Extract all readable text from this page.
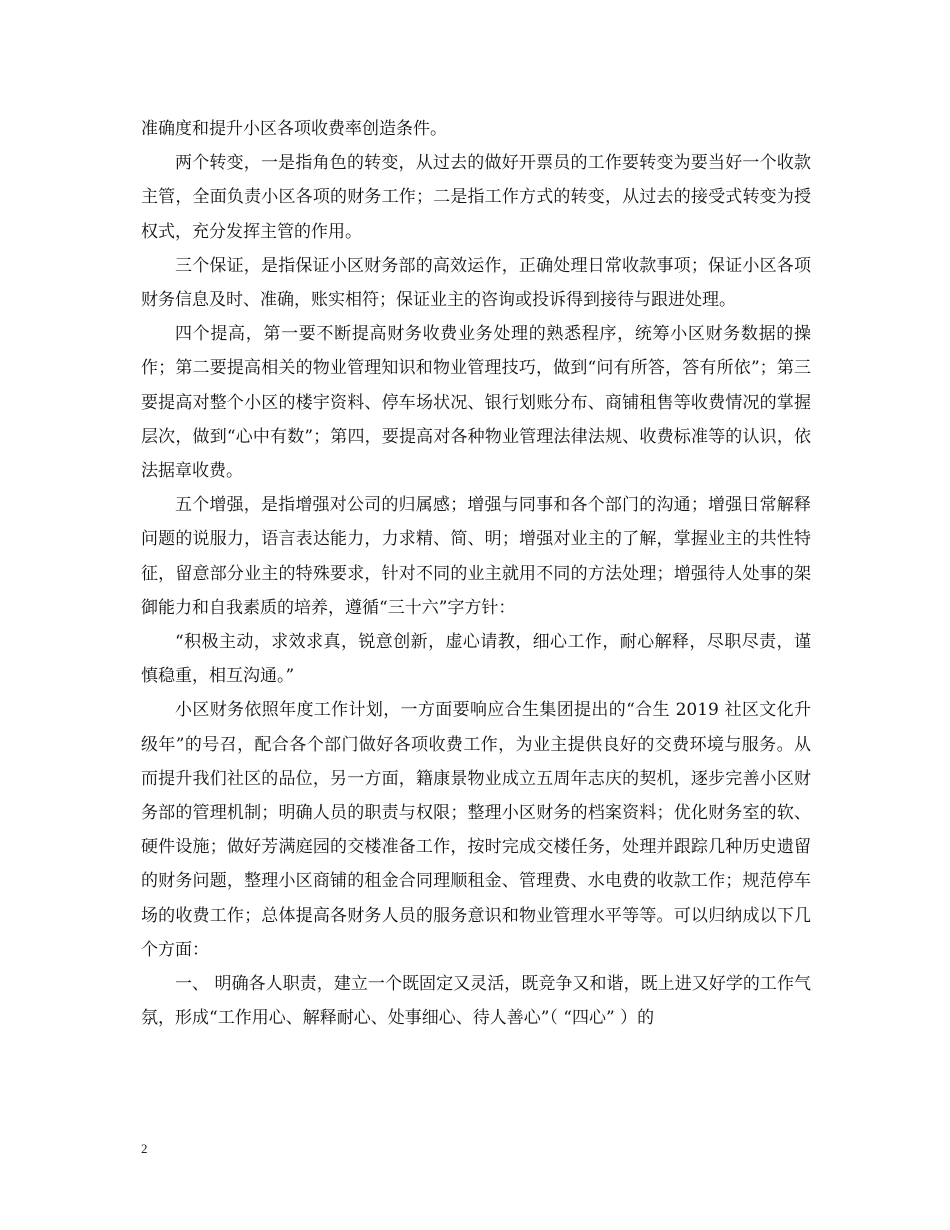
准确度和提升小区各项收费率创造条件。

两个转变，一是指角色的转变，从过去的做好开票员的工作要转变为要当好一个收款主管，全面负责小区各项的财务工作；二是指工作方式的转变，从过去的接受式转变为授权式，充分发挥主管的作用。

三个保证，是指保证小区财务部的高效运作，正确处理日常收款事项；保证小区各项财务信息及时、准确，账实相符；保证业主的咨询或投诉得到接待与跟进处理。

四个提高，第一要不断提高财务收费业务处理的熟悉程序，统筹小区财务数据的操作；第二要提高相关的物业管理知识和物业管理技巧，做到“问有所答，答有所依”；第三要提高对整个小区的楼宇资料、停车场状况、银行划账分布、商铺租售等收费情况的掌握层次，做到“心中有数”；第四，要提高对各种物业管理法律法规、收费标准等的认识，依法据章收费。

五个增强，是指增强对公司的归属感；增强与同事和各个部门的沟通；增强日常解释问题的说服力，语言表达能力，力求精、简、明；增强对业主的了解，掌握业主的共性特征，留意部分业主的特殊要求，针对不同的业主就用不同的方法处理；增强待人处事的架御能力和自我素质的培养，遵循“三十六”字方针：

“积极主动，求效求真，锐意创新，虚心请教，细心工作，耐心解释，尽职尽责，谨慎稳重，相互沟通。”

小区财务依照年度工作计划，一方面要响应合生集团提出的“合生 2019 社区文化升级年”的号召，配合各个部门做好各项收费工作，为业主提供良好的交费环境与服务。从而提升我们社区的品位，另一方面，籍康景物业成立五周年志庆的契机，逐步完善小区财务部的管理机制；明确人员的职责与权限；整理小区财务的档案资料；优化财务室的软、硬件设施；做好芳满庭园的交楼准备工作，按时完成交楼任务，处理并跟踪几种历史遗留的财务问题，整理小区商铺的租金合同理顺租金、管理费、水电费的收款工作；规范停车场的收费工作；总体提高各财务人员的服务意识和物业管理水平等等。可以归纳成以下几个方面：

一、 明确各人职责，建立一个既固定又灵活，既竞争又和谐，既上进又好学的工作气氛，形成“工作用心、解释耐心、处事细心、待人善心”（ “四心” ）的

2
